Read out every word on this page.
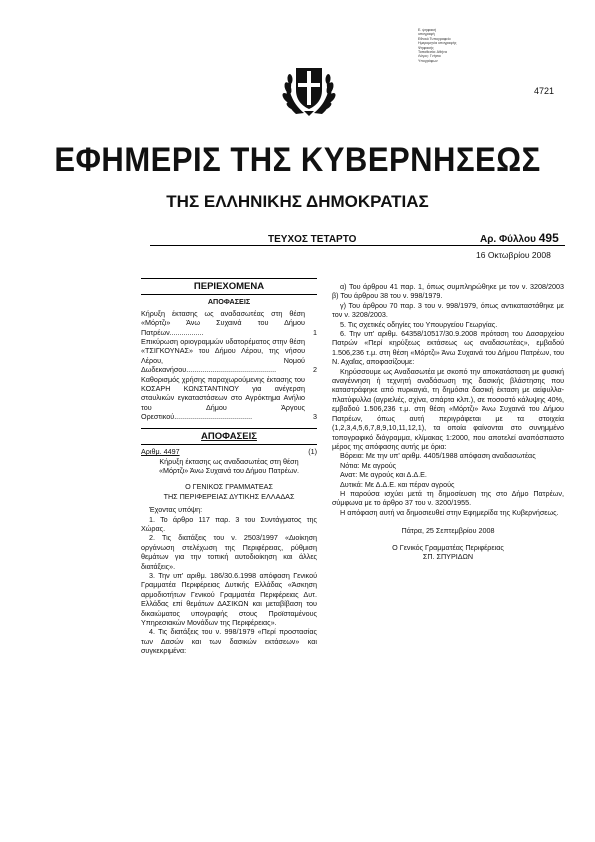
Ε. ψηφιακή
υπογραφή
Εθνικό Τυπογραφείο
Ημερομηνία υπογραφής
Ψηφιακής
Τοποθεσία: Αθήνα
Λόγος: Γνήσιο
Υπογράφων
4721
ΕΦΗΜΕΡΙΣ ΤΗΣ ΚΥΒΕΡΝΗΣΕΩΣ
ΤΗΣ ΕΛΛΗΝΙΚΗΣ ΔΗΜΟΚΡΑΤΙΑΣ
ΤΕΥΧΟΣ ΤΕΤΑΡΤΟ	Αρ. Φύλλου 495
16 Οκτωβρίου 2008
ΠΕΡΙΕΧΟΜΕΝΑ
ΑΠΟΦΑΣΕΙΣ
Κήρυξη έκτασης ως αναδασωτέας στη θέση «Μόρτζι» Άνω Συχαινά του Δήμου Πατρέων.................	1
Επικύρωση οριογραμμών υδατορέματος στην θέση «ΤΣΙΓΚΟΥΝΑΣ» του Δήμου Λέρου, της νήσου Λέρου, Νομού Δωδεκανήσου.............................................	2
Καθορισμός χρήσης παραχωρούμενης έκτασης του ΚΟΣΑΡΗ ΚΩΝΣΤΑΝΤΙΝΟΥ για ανέγερση σταυλικών εγκαταστάσεων στο Αγρόκτημα Ανήλιο του Δήμου Άργους Ορεστικού.......................................	3
ΑΠΟΦΑΣΕΙΣ
Αριθμ. 4497	(1)

Κήρυξη έκτασης ως αναδασωτέας στη θέση «Μόρτζι» Άνω Συχαινά του Δήμου Πατρέων.

Ο ΓΕΝΙΚΟΣ ΓΡΑΜΜΑΤΕΑΣ

ΤΗΣ ΠΕΡΙΦΕΡΕΙΑΣ ΔΥΤΙΚΗΣ ΕΛΛΑΔΑΣ

Έχοντας υπόψη:

1. Το άρθρο 117 παρ. 3 του Συντάγματος της Χώρας.

2. Τις διατάξεις του ν. 2503/1997 «Διοίκηση οργάνωση στελέχωση της Περιφέρειας, ρύθμιση θεμάτων για την τοπική αυτοδιοίκηση και άλλες διατάξεις».

3. Την υπ' αριθμ. 186/30.6.1998 απόφαση Γενικού Γραμματέα Περιφέρειας Δυτικής Ελλάδας «Άσκηση αρμοδιοτήτων Γενικού Γραμματέα Περιφέρειας Δυτ. Ελλάδας επί θεμάτων ΔΑΣΙΚΩΝ και μεταβίβαση του δικαιώματος υπογραφής στους Προϊσταμένους Υπηρεσιακών Μονάδων της Περιφέρειας».

4. Τις διατάξεις του ν. 998/1979 «Περί προστασίας των Δασών και των δασικών εκτάσεων» και συγκεκριμένα:

α) Του άρθρου 41 παρ. 1, όπως συμπληρώθηκε με τον ν. 3208/2003 β) Του άρθρου 38 του ν. 998/1979.

γ) Του άρθρου 70 παρ. 3 του ν. 998/1979, όπως αντικαταστάθηκε με τον ν. 3208/2003.

5. Τις σχετικές οδηγίες του Υπουργείου Γεωργίας.

6. Την υπ' αριθμ. 64358/10517/30.9.2008 πρόταση του Δασαρχείου Πατρών «Περί κηρύξεως εκτάσεως ως αναδασωτέας», εμβαδού 1.506,236 τ.μ. στη θέση «Μόρτζι» Άνω Συχαινά του Δήμου Πατρέων, του Ν. Αχαΐας, αποφασίζουμε:

Κηρύσσουμε ως Αναδασωτέα με σκοπό την αποκατάσταση με φυσική αναγέννηση ή τεχνητή αναδάσωση της δασικής βλάστησης που καταστράφηκε από πυρκαγιά, τη δημόσια δασική έκταση με αείφυλλα-πλατύφυλλα (αγριελιές, σχίνα, σπάρτα κλπ.), σε ποσοστό κάλυψης 40%, εμβαδού 1.506,236 τ.μ. στη θέση «Μόρτζι» Άνω Συχαινά του Δήμου Πατρέων, όπως αυτή περιγράφεται με τα στοιχεία (1,2,3,4,5,6,7,8,9,10,11,12,1), τα οποία φαίνονται στο συνημμένο τοπογραφικό διάγραμμα, κλίμακας 1:2000, που αποτελεί αναπόσπαστο μέρος της απόφασης αυτής με όρια:

Βόρεια: Με την υπ' αριθμ. 4405/1988 απόφαση αναδασωτέας

Νότια: Με αγρούς

Ανατ: Με αγρούς και Δ.Δ.Ε.

Δυτικά: Με Δ.Δ.Ε. και πέραν αγρούς

Η παρούσα ισχύει μετά τη δημοσίευση της στο Δήμο Πατρέων, σύμφωνα με το άρθρο 37 του ν. 3200/1955.

Η απόφαση αυτή να δημοσιευθεί στην Εφημερίδα της Κυβερνήσεως.

Πάτρα, 25 Σεπτεμβρίου 2008

Ο Γενικός Γραμματέας Περιφέρειας

ΣΠ. ΣΠΥΡΙΔΩΝ
